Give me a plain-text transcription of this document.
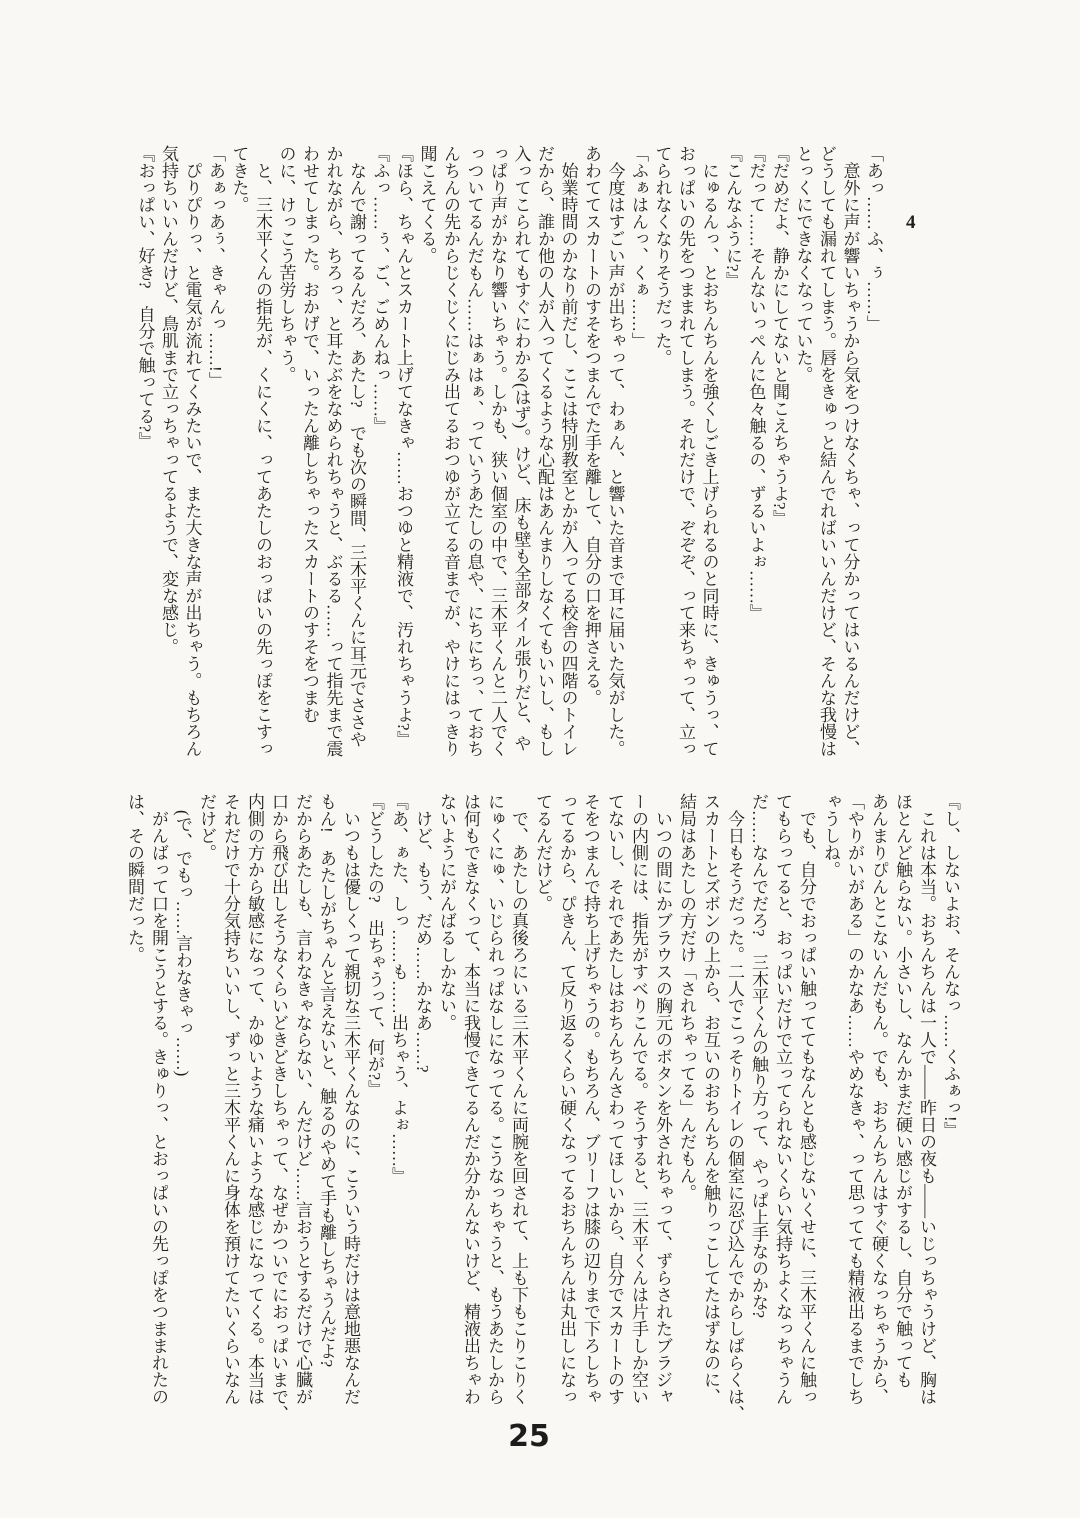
4
「あっ……ふ、ぅ……」
　意外に声が響いちゃうから気をつけなくちゃ、って分かってはいるんだけど、
どうしても漏れてしまう。唇をきゅっと結んでればいいんだけど、そんな我慢は
とっくにできなくなっていた。
『だめだよ、静かにしてないと聞こえちゃうよ?』
『だって……そんないっぺんに色々触るの、ずるいよぉ……』
『こんなふうに?』
　にゅるんっ、とおちんちんを強くしごき上げられるのと同時に、きゅうっ、て
おっぱいの先をつままれてしまう。それだけで、ぞぞぞ、って来ちゃって、立っ
てられなくなりそうだった。
「ふぁはんっ、くぁ……」
　今度はすごい声が出ちゃって、わぁん、と響いた音まで耳に届いた気がした。
あわててスカートのすそをつまんでた手を離して、自分の口を押さえる。
　始業時間のかなり前だし、ここは特別教室とかが入ってる校舎の四階のトイレ
だから、誰か他の人が入ってくるような心配はあんまりしなくてもいいし、もし
入ってこられてもすぐにわかる(はず)。けど、床も壁も全部タイル張りだと、や
っぱり声がかなり響いちゃう。しかも、狭い個室の中で、三木平くんと二人でく
っついてるんだもん……はぁはぁ、っていうあたしの息や、にちにちっ、ておち
んちんの先からじくじくにじみ出てるおつゆが立てる音までが、やけにはっきり
聞こえてくる。
『ほら、ちゃんとスカート上げてなきゃ……おつゆと精液で、汚れちゃうよ?』
『ふっ……ぅ、ご、ごめんねっ……』
　なんで謝ってるんだろ、あたし?　でも次の瞬間、三木平くんに耳元でささや
かれながら、ちろっ、と耳たぶをなめられちゃうと、ぶるる……って指先まで震
わせてしまった。おかげで、いったん離しちゃったスカートのすそをつまむ
のに、けっこう苦労しちゃう。
　と、三木平くんの指先が、くにくに、ってあたしのおっぱいの先っぽをこすっ
てきた。
「あぁっあぅ、きゃんっ……!」
　ぴりぴりっ、と電気が流れてくみたいで、また大きな声が出ちゃう。もちろん
気持ちいいんだけど、鳥肌まで立っちゃってるようで、変な感じ。
『おっぱい、好き?　自分で触ってる?』
『し、しないよお、そんなっ……くふぁっ!』
　これは本当。おちんちんは一人で――昨日の夜も――いじっちゃうけど、胸は
ほとんど触らない。小さいし、なんかまだ硬い感じがするし、自分で触っても
あんまりぴんとこないんだもん。でも、おちんちんはすぐ硬くなっちゃうから、
「やりがいがある」のかなあ……やめなきゃ、って思ってても精液出るまでしち
ゃうしね。
　でも、自分でおっぱい触っててもなんとも感じないくせに、三木平くんに触っ
てもらってると、おっぱいだけで立ってられないくらい気持ちよくなっちゃうん
だ……なんでだろ?　三木平くんの触り方って、やっぱ上手なのかな?
　今日もそうだった。二人でこっそりトイレの個室に忍び込んでからしばらくは、
スカートとズボンの上から、お互いのおちんちんを触りっこしてたはずなのに、
結局はあたしの方だけ「されちゃってる」んだもん。
　いつの間にかブラウスの胸元のボタンを外されちゃって、ずらされたブラジャ
ーの内側には、指先がすべりこんでる。そうすると、三木平くんは片手しか空い
てないし、それであたしはおちんちんさわってほしいから、自分でスカートのす
そをつまんで持ち上げちゃうの。もちろん、ブリーフは膝の辺りまで下ろしちゃ
ってるから、ぴきん、て反り返るくらい硬くなってるおちんちんは丸出しになっ
てるんだけど。
　で、あたしの真後ろにいる三木平くんに両腕を回されて、上も下もこりこりく
にゅくにゅ、いじられっぱなしになってる。こうなっちゃうと、もうあたしから
は何もできなくって、本当に我慢できてるんだか分かんないけど、精液出ちゃわ
ないようにがんばるしかない。
　けど、もう、だめ……かなあ……?
『あ、ぁた、しっ……も……出ちゃう、よぉ……』
『どうしたの?　出ちゃうって、何が?』
　いつもは優しくって親切な三木平くんなのに、こういう時だけは意地悪なんだ
もん!　あたしがちゃんと言えないと、触るのやめて手も離しちゃうんだよ?
だからあたしも、言わなきゃならない、んだけど……言おうとするだけで心臓が
口から飛び出しそうなくらいどきどきしちゃって、なぜかついでにおっぱいまで、
内側の方から敏感になって、かゆいような痛いような感じになってくる。本当は
それだけで十分気持ちいいし、ずっと三木平くんに身体を預けてたいくらいなん
だけど。
　(で、でもっ……言わなきゃっ……)
　がんばって口を開こうとする。きゅりっ、とおっぱいの先っぽをつままれたの
は、その瞬間だった。
25
